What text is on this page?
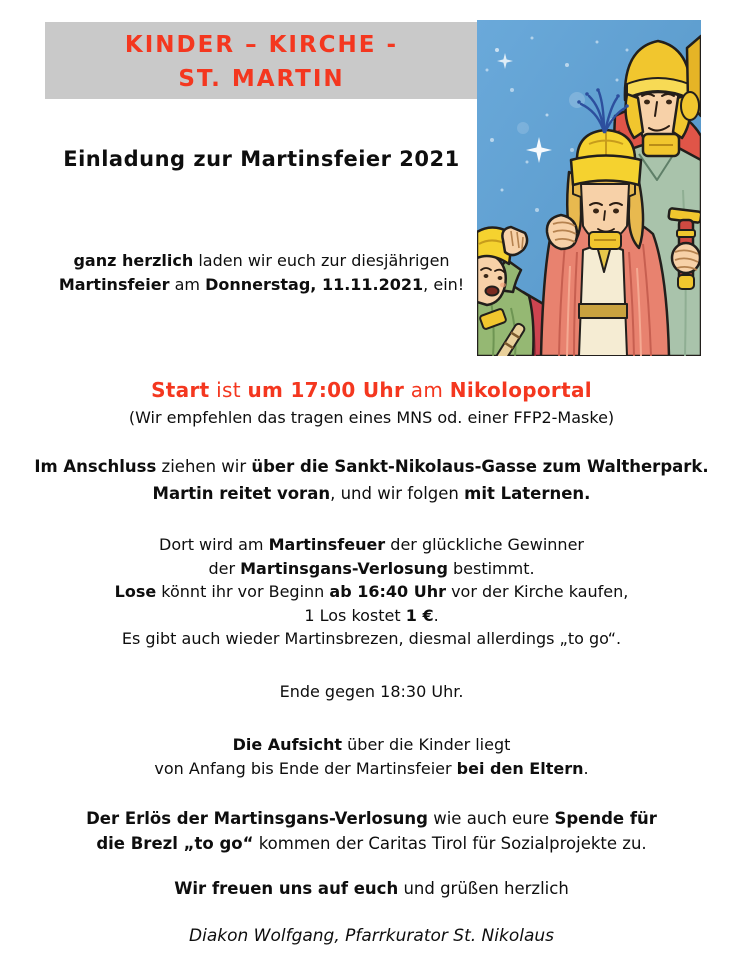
KINDER – KIRCHE -
ST. MARTIN
Einladung zur Martinsfeier 2021
ganz herzlich laden wir euch zur diesjährigen
Martinsfeier am Donnerstag, 11.11.2021, ein!
Start ist um 17:00 Uhr am Nikoloportal
(Wir empfehlen das tragen eines MNS od. einer FFP2-Maske)
Im Anschluss ziehen wir über die Sankt-Nikolaus-Gasse zum Waltherpark.
Martin reitet voran, und wir folgen mit Laternen.
Dort wird am Martinsfeuer der glückliche Gewinner
der Martinsgans-Verlosung bestimmt.
Lose könnt ihr vor Beginn ab 16:40 Uhr vor der Kirche kaufen,
1 Los kostet 1 €.
Es gibt auch wieder Martinsbrezen, diesmal allerdings „to go“.
Ende gegen 18:30 Uhr.
Die Aufsicht über die Kinder liegt
von Anfang bis Ende der Martinsfeier bei den Eltern.
Der Erlös der Martinsgans-Verlosung wie auch eure Spende für
die Brezl „to go“ kommen der Caritas Tirol für Sozialprojekte zu.
Wir freuen uns auf euch und grüßen herzlich
Diakon Wolfgang, Pfarrkurator St. Nikolaus
